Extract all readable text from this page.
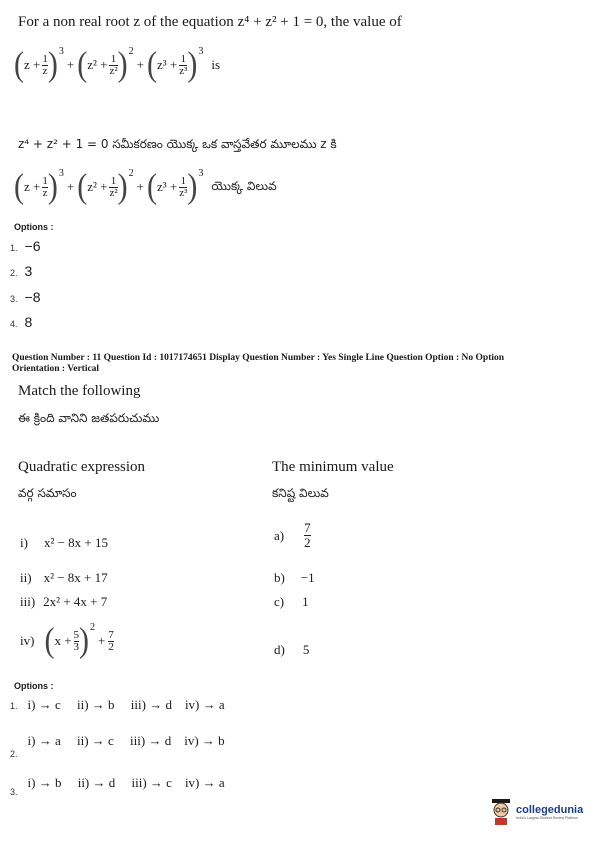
For a non real root z of the equation z⁴ + z² + 1 = 0, the value of
( $z + \frac{1}{z}$ ) 3
+ ( $z^2 + \frac{1}{\text{z²}}$ ) 2
+ ( $z^3 + \frac{1}{\text{z³}}$ ) 3
is
z⁴ + z² + 1 = 0 సమీకరణం యొక్క ఒక వాస్తవేతర మూలము z కి
( $z + \frac{1}{z}$ ) 3
+ ( $z^2 + \frac{1}{\text{z²}}$ ) 2
+ ( $z^3 + \frac{1}{\text{z³}}$ ) 3
యొక్క విలువ
Options :
1. −6
2. 3
3. −8
4. 8
Question Number : 11 Question Id : 1017174651 Display Question Number : Yes Single Line Question Option : No Option
Orientation : Vertical
Match the following
ఈ క్రింది వానిని జతపరుచుము
Quadratic expression
వర్గ సమాసం
The minimum value
కనిష్ట విలువ
i) x² − 8x + 15	$a) \frac{7}{2}$
ii) x² − 8x + 17	b) −1
iii) 2x² + 4x + 7	c) 1
iv) ( $x + \frac{5}{3}$ ) 2
+ $\frac{7}{2}$	d) 5
Options :
1. i) → c     ii) → b     iii) → d    iv) → a
$_{2.}$ i) → a     ii) → c     iii) → d    iv) → b
$_{3.}$ i) → b     ii) → d     iii) → c    iv) → a
collegedunia
India's Largest Student Review Platform
